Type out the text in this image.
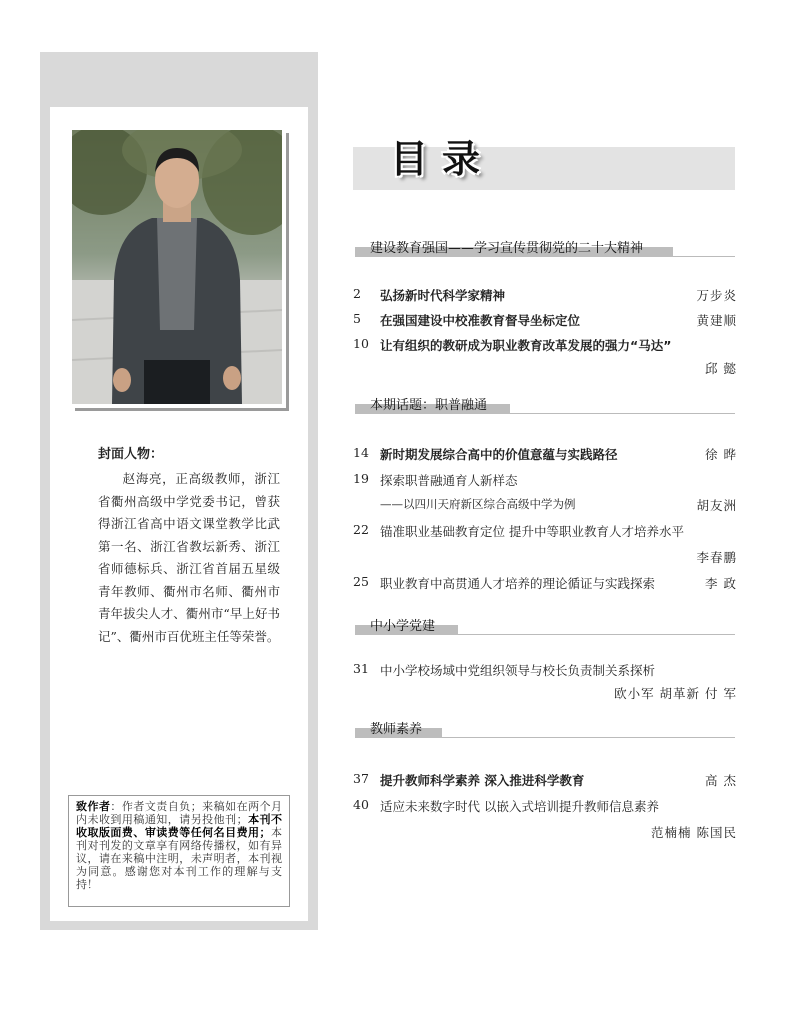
封面人物：
赵海亮，正高级教师，浙江省衢州高级中学党委书记，曾获得浙江省高中语文课堂教学比武第一名、浙江省教坛新秀、浙江省师德标兵、浙江省首届五星级青年教师、衢州市名师、衢州市青年拔尖人才、衢州市“早上好书记”、衢州市百优班主任等荣誉。
致作者：作者文责自负；来稿如在两个月内未收到用稿通知，请另投他刊；本刊不收取版面费、审读费等任何名目费用；本刊对刊发的文章享有网络传播权，如有异议，请在来稿中注明，未声明者，本刊视为同意。感谢您对本刊工作的理解与支持！
目录
建设教育强国——学习宣传贯彻党的二十大精神
2 弘扬新时代科学家精神	万步炎
5 在强国建设中校准教育督导坐标定位	黄建顺
10 让有组织的教研成为职业教育改革发展的强力“马达”
邱 懿
本期话题：职普融通
14 新时期发展综合高中的价值意蕴与实践路径	徐 晔
19 探索职普融通育人新样态
——以四川天府新区综合高级中学为例	胡友洲
22 锚准职业基础教育定位 提升中等职业教育人才培养水平
李春鹏
25 职业教育中高贯通人才培养的理论循证与实践探索	李 政
中小学党建
31 中小学校场域中党组织领导与校长负责制关系探析
欧小军 胡革新 付 军
教师素养
37 提升教师科学素养 深入推进科学教育	高 杰
40 适应未来数字时代 以嵌入式培训提升教师信息素养
范楠楠 陈国民
